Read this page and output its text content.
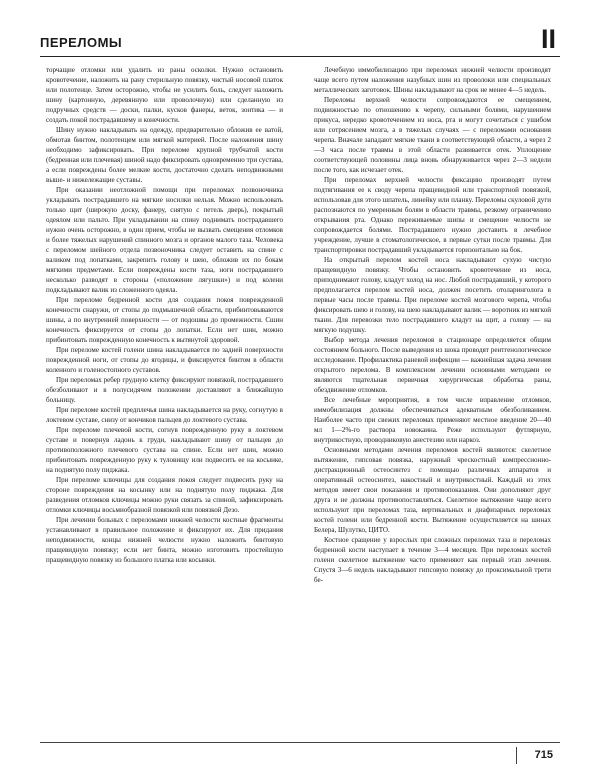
ПЕРЕЛОМЫ	II

торчащие отломки или удалить из раны осколки. Нужно остановить кровотечение, наложить на рану стерильную повязку, чистый носовой платок или полотенце. Затем осторожно, чтобы не усилить боль, следует наложить шину (картонную, деревянную или проволочную) или сделанную из подручных средств — доски, палки, кусков фанеры, веток, зонтика — и создать покой пострадавшему и конечности.

Шину нужно накладывать на одежду, предварительно обложив ее ватой, обмотав бинтом, полотенцем или мягкой материей. После наложения шину необходимо зафиксировать. При переломе крупной трубчатой кости (бедренная или плечевая) шиной надо фиксировать одновременно три сустава, а если повреждены более мелкие кости, достаточно сделать неподвижными выше- и нижележащие суставы.

При оказании неотложной помощи при переломах позвоночника укладывать пострадавшего на мягкие носилки нельзя. Можно использовать только щит (широкую доску, фанеру, снятую с петель дверь), покрытый одеялом или пальто. При укладывании на спину поднимать пострадавшего нужно очень осторожно, в один прием, чтобы не вызвать смещения отломков и более тяжелых нарушений спинного мозга и органов малого таза. Человека с переломом шейного отдела позвоночника следует оставить на спине с валиком под лопатками, закрепить голову и шею, обложив их по бокам мягкими предметами. Если повреждены кости таза, ноги пострадавшего несколько разводят в стороны («положение лягушки») и под колени подкладывают валик из сложенного одеяла.

При переломе бедренной кости для создания покоя поврежденной конечности снаружи, от стопы до подмышечной области, прибинтовываются шины, а по внутренней поверхности — от подошвы до промежности. Сшин конечность фиксируется от стопы до лопатки. Если нет шин, можно прибинтовать поврежденную конечность к вытянутой здоровой.

При переломе костей голени шина накладывается по задней поверхности поврежденной ноги, от стопы до ягодицы, и фиксируется бинтом в области коленного и голеностопного суставов.

При переломах ребер грудную клетку фиксируют повязкой, пострадавшего обезболивают и в полусидячем положении доставляют в ближайшую больницу.

При переломе костей предплечья шина накладывается на руку, согнутую в локтевом суставе, снизу от кончиков пальцев до локтевого сустава.

При переломе плечевой кости, согнув поврежденную руку в локтевом суставе и повернув ладонь к груди, накладывают шину от пальцев до противоположного плечевого сустава на спине. Если нет шин, можно прибинтовать поврежденную руку к туловищу или подвесить ее на косынке, на поднятую полу пиджака.

При переломе ключицы для создания покоя следует подвесить руку на стороне повреждения на косынку или на поднятую полу пиджака. Для разведения отломков ключицы можно руки связать за спиной, зафиксировать отломки ключицы восьмиобразной повязкой или повязкой Дезо.

При лечении больных с переломами нижней челюсти костные фрагменты устанавливают в правильное положение и фиксируют их. Для придания неподвижности, концы нижней челюсти нужно наложить бинтовую пращевидную повязку; если нет бинта, можно изготовить простейшую пращевидную повязку из большого платка или косынки.

Лечебную иммобилизацию при переломах нижней челюсти производят чаще всего путем наложения назубных шин из проволоки или специальных металлических заготовок. Шины накладывают на срок не менее 4—5 недель.

Переломы верхней челюсти сопровождаются ее смещением, подвижностью по отношению к черепу, сильными болями, нарушением прикуса, нередко кровотечением из носа, рта и могут сочетаться с ушибом или сотрясением мозга, а в тяжелых случаях — с переломами основания черепа. Вначале западают мягкие ткани в соответствующей области, а через 2—3 часа после травмы в этой области развивается отек. Уплощение соответствующей половины лица вновь обнаруживается через 2—3 недели после того, как исчезает отек.

При переломах верхней челюсти фиксацию производят путем подтягивания ее к своду черепа пращевидной или транспортной повязкой, использовав для этого шпатель, линейку или планку. Переломы скуловой дуги распознаются по умеренным болям в области травмы, резкому ограничению открывания рта. Однако переживаемые шипы и смещение челюсти не сопровождается болями. Пострадавшего нужно доставить в лечебное учреждение, лучше в стоматологическое, в первые сутки после травмы. Для транспортировки пострадавший укладывается горизонтально на бок.

На открытый перелом костей носа накладывают сухую чистую пращевидную повязку. Чтобы остановить кровотечение из носа, приподнимают голову, кладут холод на нос. Любой пострадавший, у которого предполагается перелом костей носа, должен посетить отоларинголога в первые часы после травмы. При переломе костей мозгового черепа, чтобы фиксировать шею и голову, на шею накладывают валик — воротник из мягкой ткани. Для перевозки тело пострадавшего кладут на щит, а голову — на мягкую подушку.

Выбор метода лечения переломов в стационаре определяется общим состоянием больного. После выведения из шока проводят рентгенологическое исследование. Профилактика раневой инфекции — важнейшая задача лечения открытого перелома. В комплексном лечении основными методами ее являются тщательная первичная хирургическая обработка раны, обездвижение отломков.

Все лечебные мероприятия, в том числе вправление отломков, иммобилизация должны обеспечиваться адекватным обезболиванием. Наиболее часто при свежих переломах применяют местное введение 20—40 мл 1—2%-го раствора новокаина. Реже используют футлярную, внутрикостную, проводниковую анестезию или наркоз.

Основными методами лечения переломов костей являются: скелетное вытяжение, гипсовая повязка, наружный чрескостный компрессионно-дистракционный остеосинтез с помощью различных аппаратов и оперативный остеосинтез, накостный и внутрикостный. Каждый из этих методов имеет свои показания и противопоказания. Они дополняют друг друга и не должны противопоставляться. Скелетное вытяжение чаще всего используют при переломах таза, вертикальных и диафизарных переломах костей голени или бедренной кости. Вытяжение осуществляется на шинах Белера, Шулутко, ЦИТО.

Костное сращение у взрослых при сложных переломах таза и переломах бедренной кости наступает в течение 3—4 месяцев. При переломах костей голени скелетное вытяжение часто применяют как первый этап лечения. Спустя 3—6 недель накладывают гипсовую повязку до проксимальной трети бе-

715
